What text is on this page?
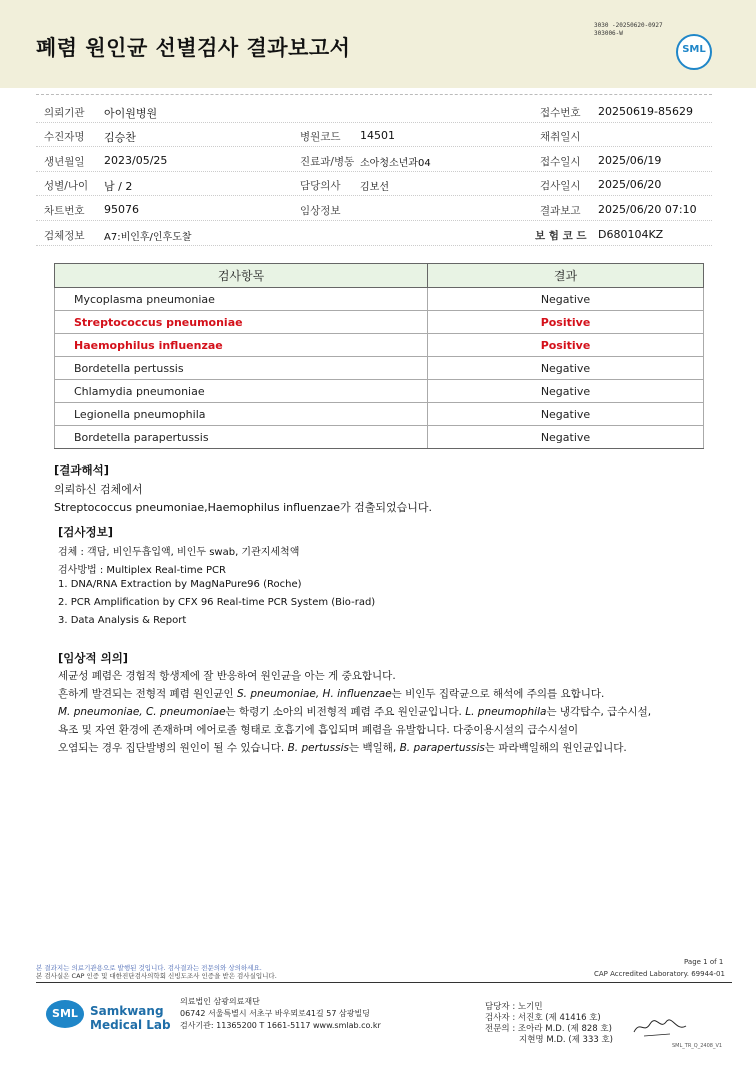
폐렴 원인균 선별검사 결과보고서
3030 -20250620-0927
303006-W
SML
의뢰기관 아이원병원	접수번호 20250619-85629
수진자명 김승찬	병원코드 14501	채취일시
생년월일 2023/05/25	진료과/병동 소아청소년과04	접수일시 2025/06/19
성별/나이 남 / 2	담당의사 김보선	검사일시 2025/06/20
차트번호 95076	임상정보	결과보고 2025/06/20 07:10
검체정보 A7:비인후/인후도찰	보 험 코 드 D680104KZ
검사항목	결과
Mycoplasma pneumoniae	Negative
Streptococcus pneumoniae	Positive
Haemophilus influenzae	Positive
Bordetella pertussis	Negative
Chlamydia pneumoniae	Negative
Legionella pneumophila	Negative
Bordetella parapertussis	Negative
[결과해석]
의뢰하신 검체에서
Streptococcus pneumoniae,Haemophilus influenzae가 검출되었습니다.
[검사정보]
검체 : 객담, 비인두흡입액, 비인두 swab, 기관지세척액
검사방법 : Multiplex Real-time PCR
1. DNA/RNA Extraction by MagNaPure96 (Roche)
2. PCR Amplification by CFX 96 Real-time PCR System (Bio-rad)
3. Data Analysis & Report
[임상적 의의]
세균성 폐렴은 경험적 항생제에 잘 반응하여 원인균을 아는 게 중요합니다.
흔하게 발견되는 전형적 폐렴 원인균인 S. pneumoniae, H. influenzae는 비인두 집락균으로 해석에 주의를 요합니다.
M. pneumoniae, C. pneumoniae는 학령기 소아의 비전형적 폐렴 주요 원인균입니다. L. pneumophila는 냉각탑수, 급수시설,
욕조 및 자연 환경에 존재하며 에어로졸 형태로 호흡기에 흡입되며 폐렴을 유발합니다. 다중이용시설의 급수시설이
오염되는 경우 집단발병의 원인이 될 수 있습니다. B. pertussis는 백일해, B. parapertussis는 파라백일해의 원인균입니다.
본 결과지는 의료기관용으로 발행된 것입니다. 검사결과는 전문의와 상의하세요.
본 검사실은 CAP 인증 및 대한진단검사의학회 신빙도조사 인증을 받은 검사실입니다.
Page 1 of 1
CAP Accredited Laboratory. 69944-01
SML	Samkwang
Medical Lab
의료법인 삼광의료재단
06742 서울특별시 서초구 바우뫼로41길 57 삼광빌딩
검사기관: 11365200 T 1661-5117 www.smlab.co.kr
담당자 : 노기민
검사자 : 서진호 (제 41416 호)
전문의 : 조아라 M.D. (제 828 호)
지현명 M.D. (제 333 호)
SML_TR_Q_2408_V1
